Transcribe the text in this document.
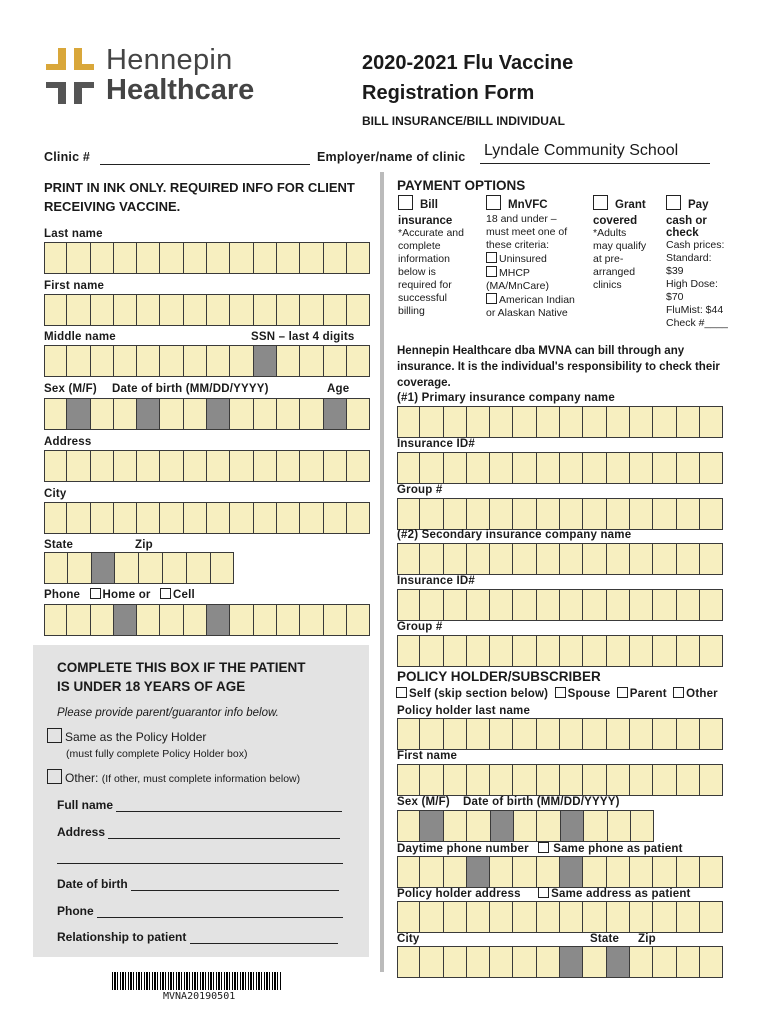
Hennepin
Healthcare
2020-2021 Flu Vaccine
Registration Form
BILL INSURANCE/BILL INDIVIDUAL
Clinic #	Employer/name of clinic Lyndale Community School
PRINT IN INK ONLY. REQUIRED INFO FOR CLIENT RECEIVING VACCINE.
Last name
First name
Middle name	SSN – last 4 digits
Sex (M/F) Date of birth (MM/DD/YYYY)	Age
Address
City
State	Zip
Phone Home or Cell
COMPLETE THIS BOX IF THE PATIENT
IS UNDER 18 YEARS OF AGE
Please provide parent/guarantor info below.
Same as the Policy Holder
(must fully complete Policy Holder box)
Other: (If other, must complete information below)
Full name
Address
Date of birth
Phone
Relationship to patient
MVNA20190501
PAYMENT OPTIONS
Bill
insurance
*Accurate and
complete
information
below is
required for
successful
billing
MnVFC
18 and under –
must meet one of
these criteria:
Uninsured
MHCP
(MA/MnCare)
American Indian
or Alaskan Native
Grant
covered
*Adults
may qualify
at pre-
arranged
clinics
Pay
cash or
check
Cash prices:
Standard:
$39
High Dose:
$70
FluMist: $44
Check #____
Hennepin Healthcare dba MVNA can bill through any insurance. It is the individual's responsibility to check their coverage.
(#1) Primary insurance company name
Insurance ID#
Group #
(#2) Secondary insurance company name
Insurance ID#
Group #
POLICY HOLDER/SUBSCRIBER
Self (skip section below) Spouse Parent Other
Policy holder last name
First name
Sex (M/F) Date of birth (MM/DD/YYYY)
Daytime phone number Same phone as patient
Policy holder address	Same address as patient
City	State Zip
